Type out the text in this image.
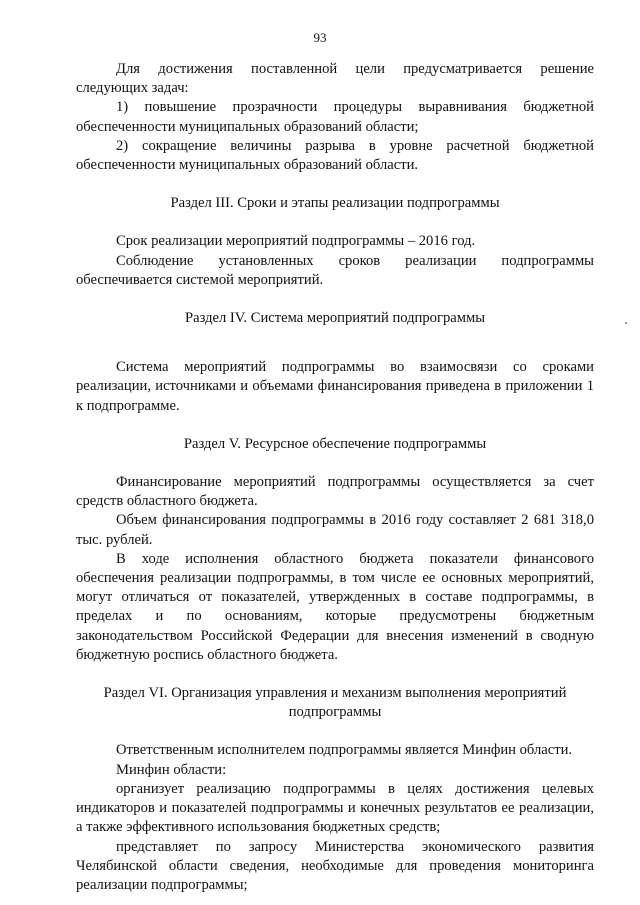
93

Для достижения поставленной цели предусматривается решение следующих задач:

1) повышение прозрачности процедуры выравнивания бюджетной обеспеченности муниципальных образований области;

2) сокращение величины разрыва в уровне расчетной бюджетной обеспеченности муниципальных образований области.

Раздел III. Сроки и этапы реализации подпрограммы

Срок реализации мероприятий подпрограммы – 2016 год.

Соблюдение установленных сроков реализации подпрограммы обеспечивается системой мероприятий.

Раздел IV. Система мероприятий подпрограммы

Система мероприятий подпрограммы во взаимосвязи со сроками реализации, источниками и объемами финансирования приведена в приложении 1 к подпрограмме.

Раздел V. Ресурсное обеспечение подпрограммы

Финансирование мероприятий подпрограммы осуществляется за счет средств областного бюджета.

Объем финансирования подпрограммы в 2016 году составляет 2 681 318,0 тыс. рублей.

В ходе исполнения областного бюджета показатели финансового обеспечения реализации подпрограммы, в том числе ее основных мероприятий, могут отличаться от показателей, утвержденных в составе подпрограммы, в пределах и по основаниям, которые предусмотрены бюджетным законодательством Российской Федерации для внесения изменений в сводную бюджетную роспись областного бюджета.

Раздел VI. Организация управления и механизм выполнения мероприятий
подпрограммы

Ответственным исполнителем подпрограммы является Минфин области.

Минфин области:

организует реализацию подпрограммы в целях достижения целевых индикаторов и показателей подпрограммы и конечных результатов ее реализации, а также эффективного использования бюджетных средств;

представляет по запросу Министерства экономического развития Челябинской области сведения, необходимые для проведения мониторинга реализации подпрограммы;
